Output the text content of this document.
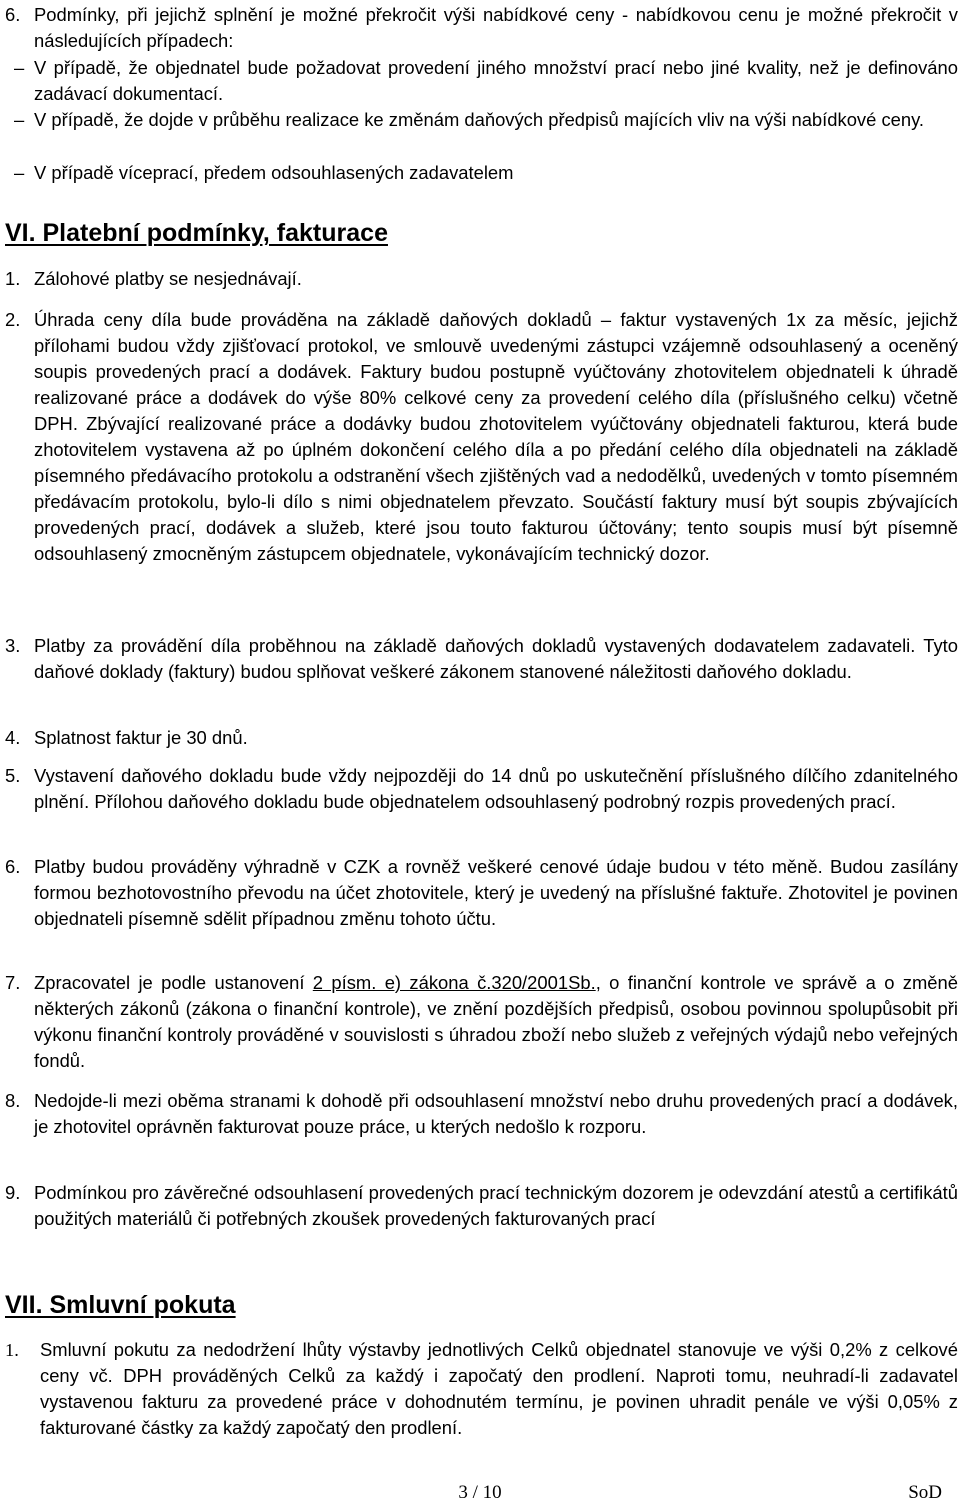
6. Podmínky, při jejichž splnění je možné překročit výši nabídkové ceny - nabídkovou cenu je možné překročit v následujících případech:
– V případě, že objednatel bude požadovat provedení jiného množství prací nebo jiné kvality, než je definováno zadávací dokumentací.
– V případě, že dojde v průběhu realizace ke změnám daňových předpisů majících vliv na výši nabídkové ceny.
– V případě víceprací, předem odsouhlasených zadavatelem
VI. Platební podmínky, fakturace
1. Zálohové platby se nesjednávají.
2. Úhrada ceny díla bude prováděna na základě daňových dokladů – faktur vystavených 1x za měsíc, jejichž přílohami budou vždy zjišťovací protokol, ve smlouvě uvedenými zástupci vzájemně odsouhlasený a oceněný soupis provedených prací a dodávek. Faktury budou postupně vyúčtovány zhotovitelem objednateli k úhradě realizované práce a dodávek do výše 80% celkové ceny za provedení celého díla (příslušného celku) včetně DPH. Zbývající realizované práce a dodávky budou zhotovitelem vyúčtovány objednateli fakturou, která bude zhotovitelem vystavena až po úplném dokončení celého díla a po předání celého díla objednateli na základě písemného předávacího protokolu a odstranění všech zjištěných vad a nedodělků, uvedených v tomto písemném předávacím protokolu, bylo-li dílo s nimi objednatelem převzato. Součástí faktury musí být soupis zbývajících provedených prací, dodávek a služeb, které jsou touto fakturou účtovány; tento soupis musí být písemně odsouhlasený zmocněným zástupcem objednatele, vykonávajícím technický dozor.
3. Platby za provádění díla proběhnou na základě daňových dokladů vystavených dodavatelem zadavateli. Tyto daňové doklady (faktury) budou splňovat veškeré zákonem stanovené náležitosti daňového dokladu.
4. Splatnost faktur je 30 dnů.
5. Vystavení daňového dokladu bude vždy nejpozději do 14 dnů po uskutečnění příslušného dílčího zdanitelného plnění. Přílohou daňového dokladu bude objednatelem odsouhlasený podrobný rozpis provedených prací.
6. Platby budou prováděny výhradně v CZK a rovněž veškeré cenové údaje budou v této měně. Budou zasílány formou bezhotovostního převodu na účet zhotovitele, který je uvedený na příslušné faktuře. Zhotovitel je povinen objednateli písemně sdělit případnou změnu tohoto účtu.
7. Zpracovatel je podle ustanovení 2 písm. e) zákona č.320/2001Sb., o finanční kontrole ve správě a o změně některých zákonů (zákona o finanční kontrole), ve znění pozdějších předpisů, osobou povinnou spolupůsobit při výkonu finanční kontroly prováděné v souvislosti s úhradou zboží nebo služeb z veřejných výdajů nebo veřejných fondů.
8. Nedojde-li mezi oběma stranami k dohodě při odsouhlasení množství nebo druhu provedených prací a dodávek, je zhotovitel oprávněn fakturovat pouze práce, u kterých nedošlo k rozporu.
9. Podmínkou pro závěrečné odsouhlasení provedených prací technickým dozorem je odevzdání atestů a certifikátů použitých materiálů či potřebných zkoušek provedených fakturovaných prací
VII. Smluvní pokuta
1. Smluvní pokutu za nedodržení lhůty výstavby jednotlivých Celků objednatel stanovuje ve výši 0,2% z celkové ceny vč. DPH prováděných Celků za každý i započatý den prodlení. Naproti tomu, neuhradí-li zadavatel vystavenou fakturu za provedené práce v dohodnutém termínu, je povinen uhradit penále ve výši 0,05% z fakturované částky za každý započatý den prodlení.
3 / 10	SoD
